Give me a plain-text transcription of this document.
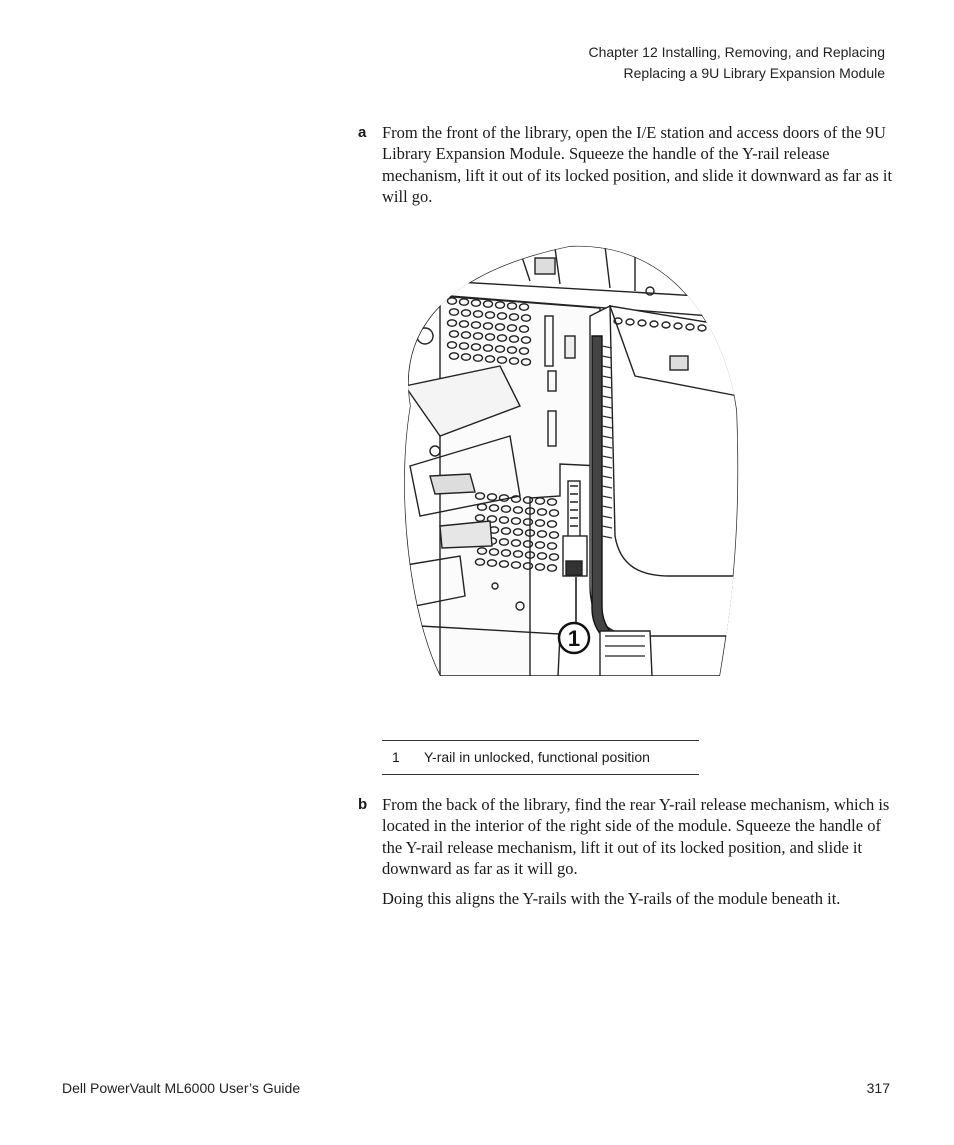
Chapter 12 Installing, Removing, and Replacing
Replacing a 9U Library Expansion Module
a From the front of the library, open the I/E station and access doors of the 9U Library Expansion Module. Squeeze the handle of the Y-rail release mechanism, lift it out of its locked position, and slide it downward as far as it will go.

1
1 Y-rail in unlocked, functional position
b From the back of the library, find the rear Y-rail release mechanism, which is located in the interior of the right side of the module. Squeeze the handle of the Y-rail release mechanism, lift it out of its locked position, and slide it downward as far as it will go.

Doing this aligns the Y-rails with the Y-rails of the module beneath it.

Dell PowerVault ML6000 User’s Guide	317
